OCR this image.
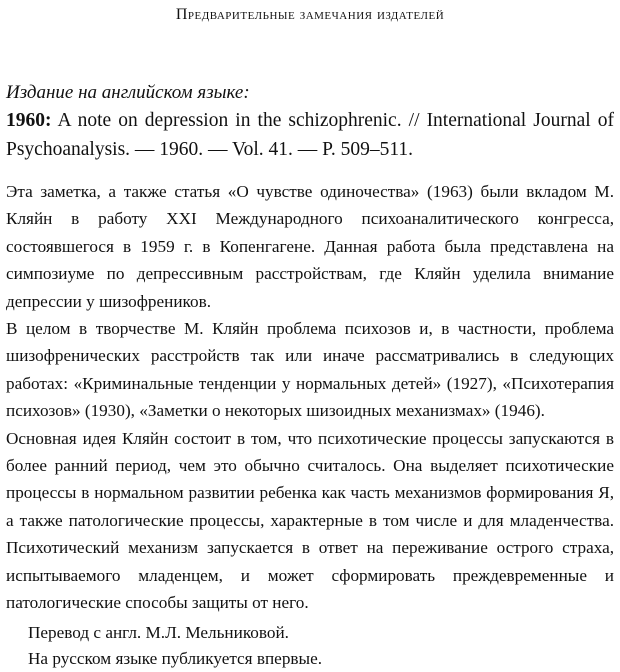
Предварительные замечания издателей
Издание на английском языке:
1960: A note on depression in the schizophrenic. // International Journal of Psychoanalysis. — 1960. — Vol. 41. — P. 509–511.

Эта заметка, а также статья «О чувстве одиночества» (1963) были вкладом М. Кляйн в работу XXI Международного психоаналитического конгресса, состоявшегося в 1959 г. в Копенгагене. Данная работа была представлена на симпозиуме по депрессивным расстройствам, где Кляйн уделила внимание депрессии у шизофреников.

В целом в творчестве М. Кляйн проблема психозов и, в частности, проблема шизофренических расстройств так или иначе рассматривались в следующих работах: «Криминальные тенденции у нормальных детей» (1927), «Психотерапия психозов» (1930), «Заметки о некоторых шизоидных механизмах» (1946).

Основная идея Кляйн состоит в том, что психотические процессы запускаются в более ранний период, чем это обычно считалось. Она выделяет психотические процессы в нормальном развитии ребенка как часть механизмов формирования Я, а также патологические процессы, характерные в том числе и для младенчества. Психотический механизм запускается в ответ на переживание острого страха, испытываемого младенцем, и может сформировать преждевременные и патологические способы защиты от него.

Перевод с англ. М.Л. Мельниковой.
На русском языке публикуется впервые.
